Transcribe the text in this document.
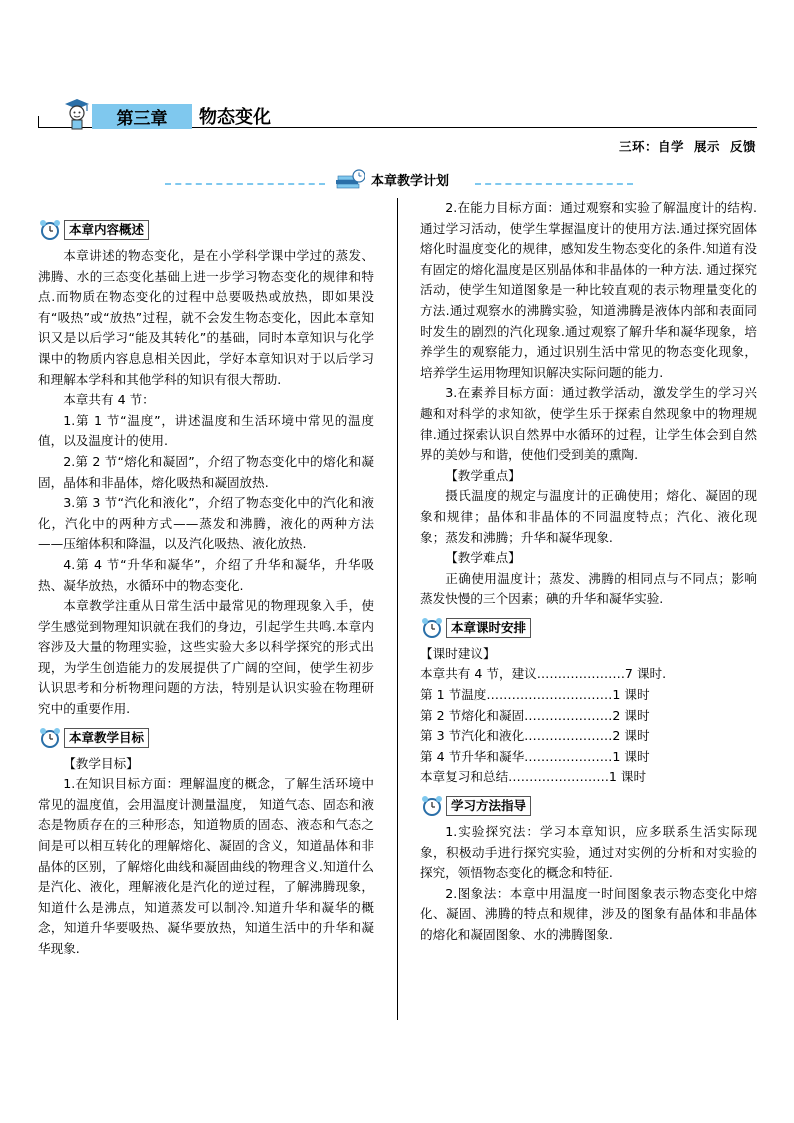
第三章	物态变化
三环：自学 展示 反馈
本章教学计划
本章内容概述

本章讲述的物态变化，是在小学科学课中学过的蒸发、沸腾、水的三态变化基础上进一步学习物态变化的规律和特点.而物质在物态变化的过程中总要吸热或放热，即如果没有“吸热”或“放热”过程，就不会发生物态变化，因此本章知识又是以后学习“能及其转化”的基础，同时本章知识与化学课中的物质内容息息相关因此，学好本章知识对于以后学习和理解本学科和其他学科的知识有很大帮助.

本章共有 4 节：

1.第 1 节“温度”，讲述温度和生活环境中常见的温度值，以及温度计的使用.

2.第 2 节“熔化和凝固”，介绍了物态变化中的熔化和凝固，晶体和非晶体，熔化吸热和凝固放热.

3.第 3 节“汽化和液化”，介绍了物态变化中的汽化和液化，汽化中的两种方式——蒸发和沸腾，液化的两种方法——压缩体积和降温，以及汽化吸热、液化放热.

4.第 4 节“升华和凝华”，介绍了升华和凝华，升华吸热、凝华放热，水循环中的物态变化.

本章教学注重从日常生活中最常见的物理现象入手，使学生感觉到物理知识就在我们的身边，引起学生共鸣.本章内容涉及大量的物理实验，这些实验大多以科学探究的形式出现，为学生创造能力的发展提供了广阔的空间，使学生初步认识思考和分析物理问题的方法，特别是认识实验在物理研究中的重要作用.

本章教学目标

【教学目标】

1.在知识目标方面：理解温度的概念，了解生活环境中常见的温度值，会用温度计测量温度， 知道气态、固态和液态是物质存在的三种形态，知道物质的固态、液态和气态之间是可以相互转化的理解熔化、凝固的含义，知道晶体和非晶体的区别，了解熔化曲线和凝固曲线的物理含义.知道什么是汽化、液化，理解液化是汽化的逆过程，了解沸腾现象，知道什么是沸点，知道蒸发可以制冷.知道升华和凝华的概念，知道升华要吸热、凝华要放热，知道生活中的升华和凝华现象.

2.在能力目标方面：通过观察和实验了解温度计的结构.通过学习活动，使学生掌握温度计的使用方法.通过探究固体熔化时温度变化的规律，感知发生物态变化的条件.知道有没有固定的熔化温度是区别晶体和非晶体的一种方法. 通过探究活动，使学生知道图象是一种比较直观的表示物理量变化的方法.通过观察水的沸腾实验，知道沸腾是液体内部和表面同时发生的剧烈的汽化现象.通过观察了解升华和凝华现象，培养学生的观察能力，通过识别生活中常见的物态变化现象，培养学生运用物理知识解决实际问题的能力.

3.在素养目标方面：通过教学活动，激发学生的学习兴趣和对科学的求知欲，使学生乐于探索自然现象中的物理规律.通过探索认识自然界中水循环的过程，让学生体会到自然界的美妙与和谐，使他们受到美的熏陶.

【教学重点】

摄氏温度的规定与温度计的正确使用；熔化、凝固的现象和规律；晶体和非晶体的不同温度特点；汽化、液化现象；蒸发和沸腾；升华和凝华现象.

【教学难点】

正确使用温度计；蒸发、沸腾的相同点与不同点；影响蒸发快慢的三个因素；碘的升华和凝华实验.

本章课时安排

【课时建议】

本章共有 4 节，建议…………………7 课时.

第 1 节温度…………………………1 课时

第 2 节熔化和凝固…………………2 课时

第 3 节汽化和液化…………………2 课时

第 4 节升华和凝华…………………1 课时

本章复习和总结……………………1 课时

学习方法指导

1.实验探究法：学习本章知识，应多联系生活实际现象，积极动手进行探究实验，通过对实例的分析和对实验的探究，领悟物态变化的概念和特征.

2.图象法：本章中用温度一时间图象表示物态变化中熔化、凝固、沸腾的特点和规律，涉及的图象有晶体和非晶体的熔化和凝固图象、水的沸腾图象.
